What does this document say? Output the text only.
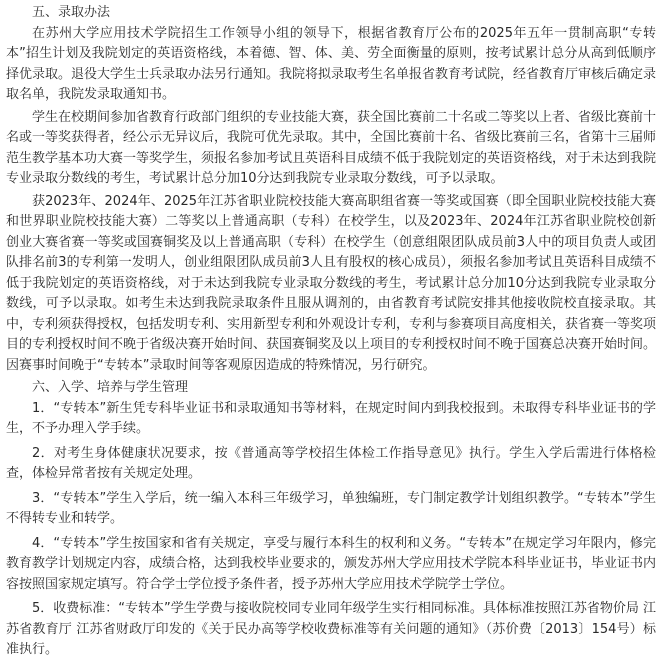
五、录取办法

在苏州大学应用技术学院招生工作领导小组的领导下，根据省教育厅公布的2025年五年一贯制高职“专转本”招生计划及我院划定的英语资格线，本着德、智、体、美、劳全面衡量的原则，按考试累计总分从高到低顺序择优录取。退役大学生士兵录取办法另行通知。我院将拟录取考生名单报省教育考试院，经省教育厅审核后确定录取名单，我院发录取通知书。

学生在校期间参加省教育行政部门组织的专业技能大赛，获全国比赛前二十名或二等奖以上者、省级比赛前十名或一等奖获得者，经公示无异议后，我院可优先录取。其中，全国比赛前十名、省级比赛前三名，省第十三届师范生教学基本功大赛一等奖学生，须报名参加考试且英语科目成绩不低于我院划定的英语资格线，对于未达到我院专业录取分数线的考生，考试累计总分加10分达到我院专业录取分数线，可予以录取。

获2023年、2024年、2025年江苏省职业院校技能大赛高职组省赛一等奖或国赛（即全国职业院校技能大赛和世界职业院校技能大赛）二等奖以上普通高职（专科）在校学生，以及2023年、2024年江苏省职业院校创新创业大赛省赛一等奖或国赛铜奖及以上普通高职（专科）在校学生（创意组限团队成员前3人中的项目负责人或团队排名前3的专利第一发明人，创业组限团队成员前3人且有股权的核心成员），须报名参加考试且英语科目成绩不低于我院划定的英语资格线，对于未达到我院专业录取分数线的考生，考试累计总分加10分达到我院专业录取分数线，可予以录取。如考生未达到我院录取条件且服从调剂的，由省教育考试院安排其他接收院校直接录取。其中，专利须获得授权，包括发明专利、实用新型专利和外观设计专利，专利与参赛项目高度相关，获省赛一等奖项目的专利授权时间不晚于省级决赛开始时间、获国赛铜奖及以上项目的专利授权时间不晚于国赛总决赛开始时间。因赛事时间晚于“专转本”录取时间等客观原因造成的特殊情况，另行研究。

六、入学、培养与学生管理

1．“专转本”新生凭专科毕业证书和录取通知书等材料，在规定时间内到我校报到。未取得专科毕业证书的学生，不予办理入学手续。

2．对考生身体健康状况要求，按《普通高等学校招生体检工作指导意见》执行。学生入学后需进行体格检查，体检异常者按有关规定处理。

3．“专转本”学生入学后，统一编入本科三年级学习，单独编班，专门制定教学计划组织教学。“专转本”学生不得转专业和转学。

4．“专转本”学生按国家和省有关规定，享受与履行本科生的权利和义务。“专转本”在规定学习年限内，修完教育教学计划规定内容，成绩合格，达到我校毕业要求的，颁发苏州大学应用技术学院本科毕业证书，毕业证书内容按照国家规定填写。符合学士学位授予条件者，授予苏州大学应用技术学院学士学位。

5．收费标准：“专转本”学生学费与接收院校同专业同年级学生实行相同标准。具体标准按照江苏省物价局 江苏省教育厅 江苏省财政厅印发的《关于民办高等学校收费标准等有关问题的通知》（苏价费〔2013〕154号）标准执行。
